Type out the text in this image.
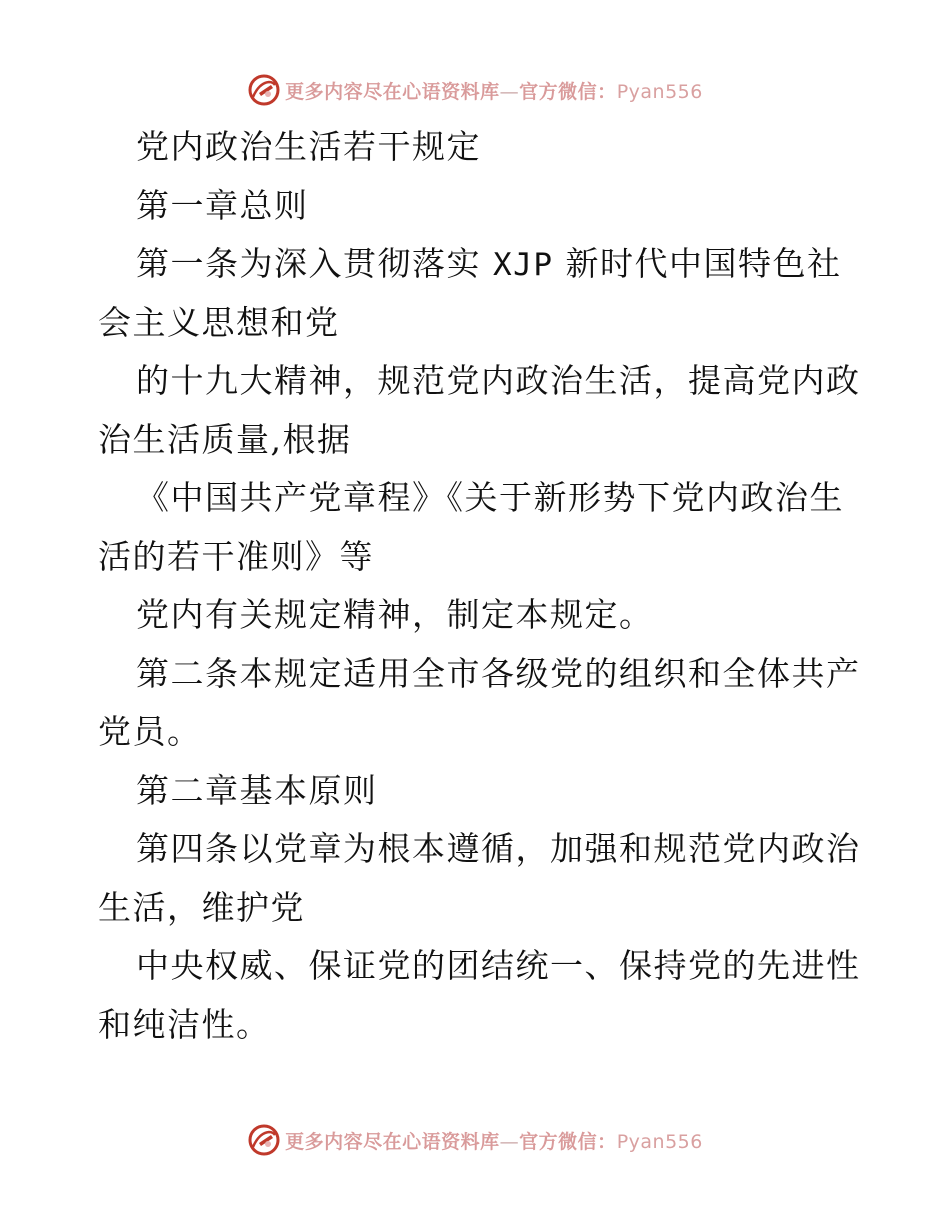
更多内容尽在心语资料库—官方微信：Pyan556
党内政治生活若干规定
第一章总则
第一条为深入贯彻落实 XJP 新时代中国特色社
会主义思想和党
的十九大精神，规范党内政治生活，提高党内政
治生活质量,根据
《中国共产党章程》《关于新形势下党内政治生
活的若干准则》等
党内有关规定精神，制定本规定。
第二条本规定适用全市各级党的组织和全体共产
党员。
第二章基本原则
第四条以党章为根本遵循，加强和规范党内政治
生活，维护党
中央权威、保证党的团结统一、保持党的先进性
和纯洁性。
更多内容尽在心语资料库—官方微信：Pyan556
